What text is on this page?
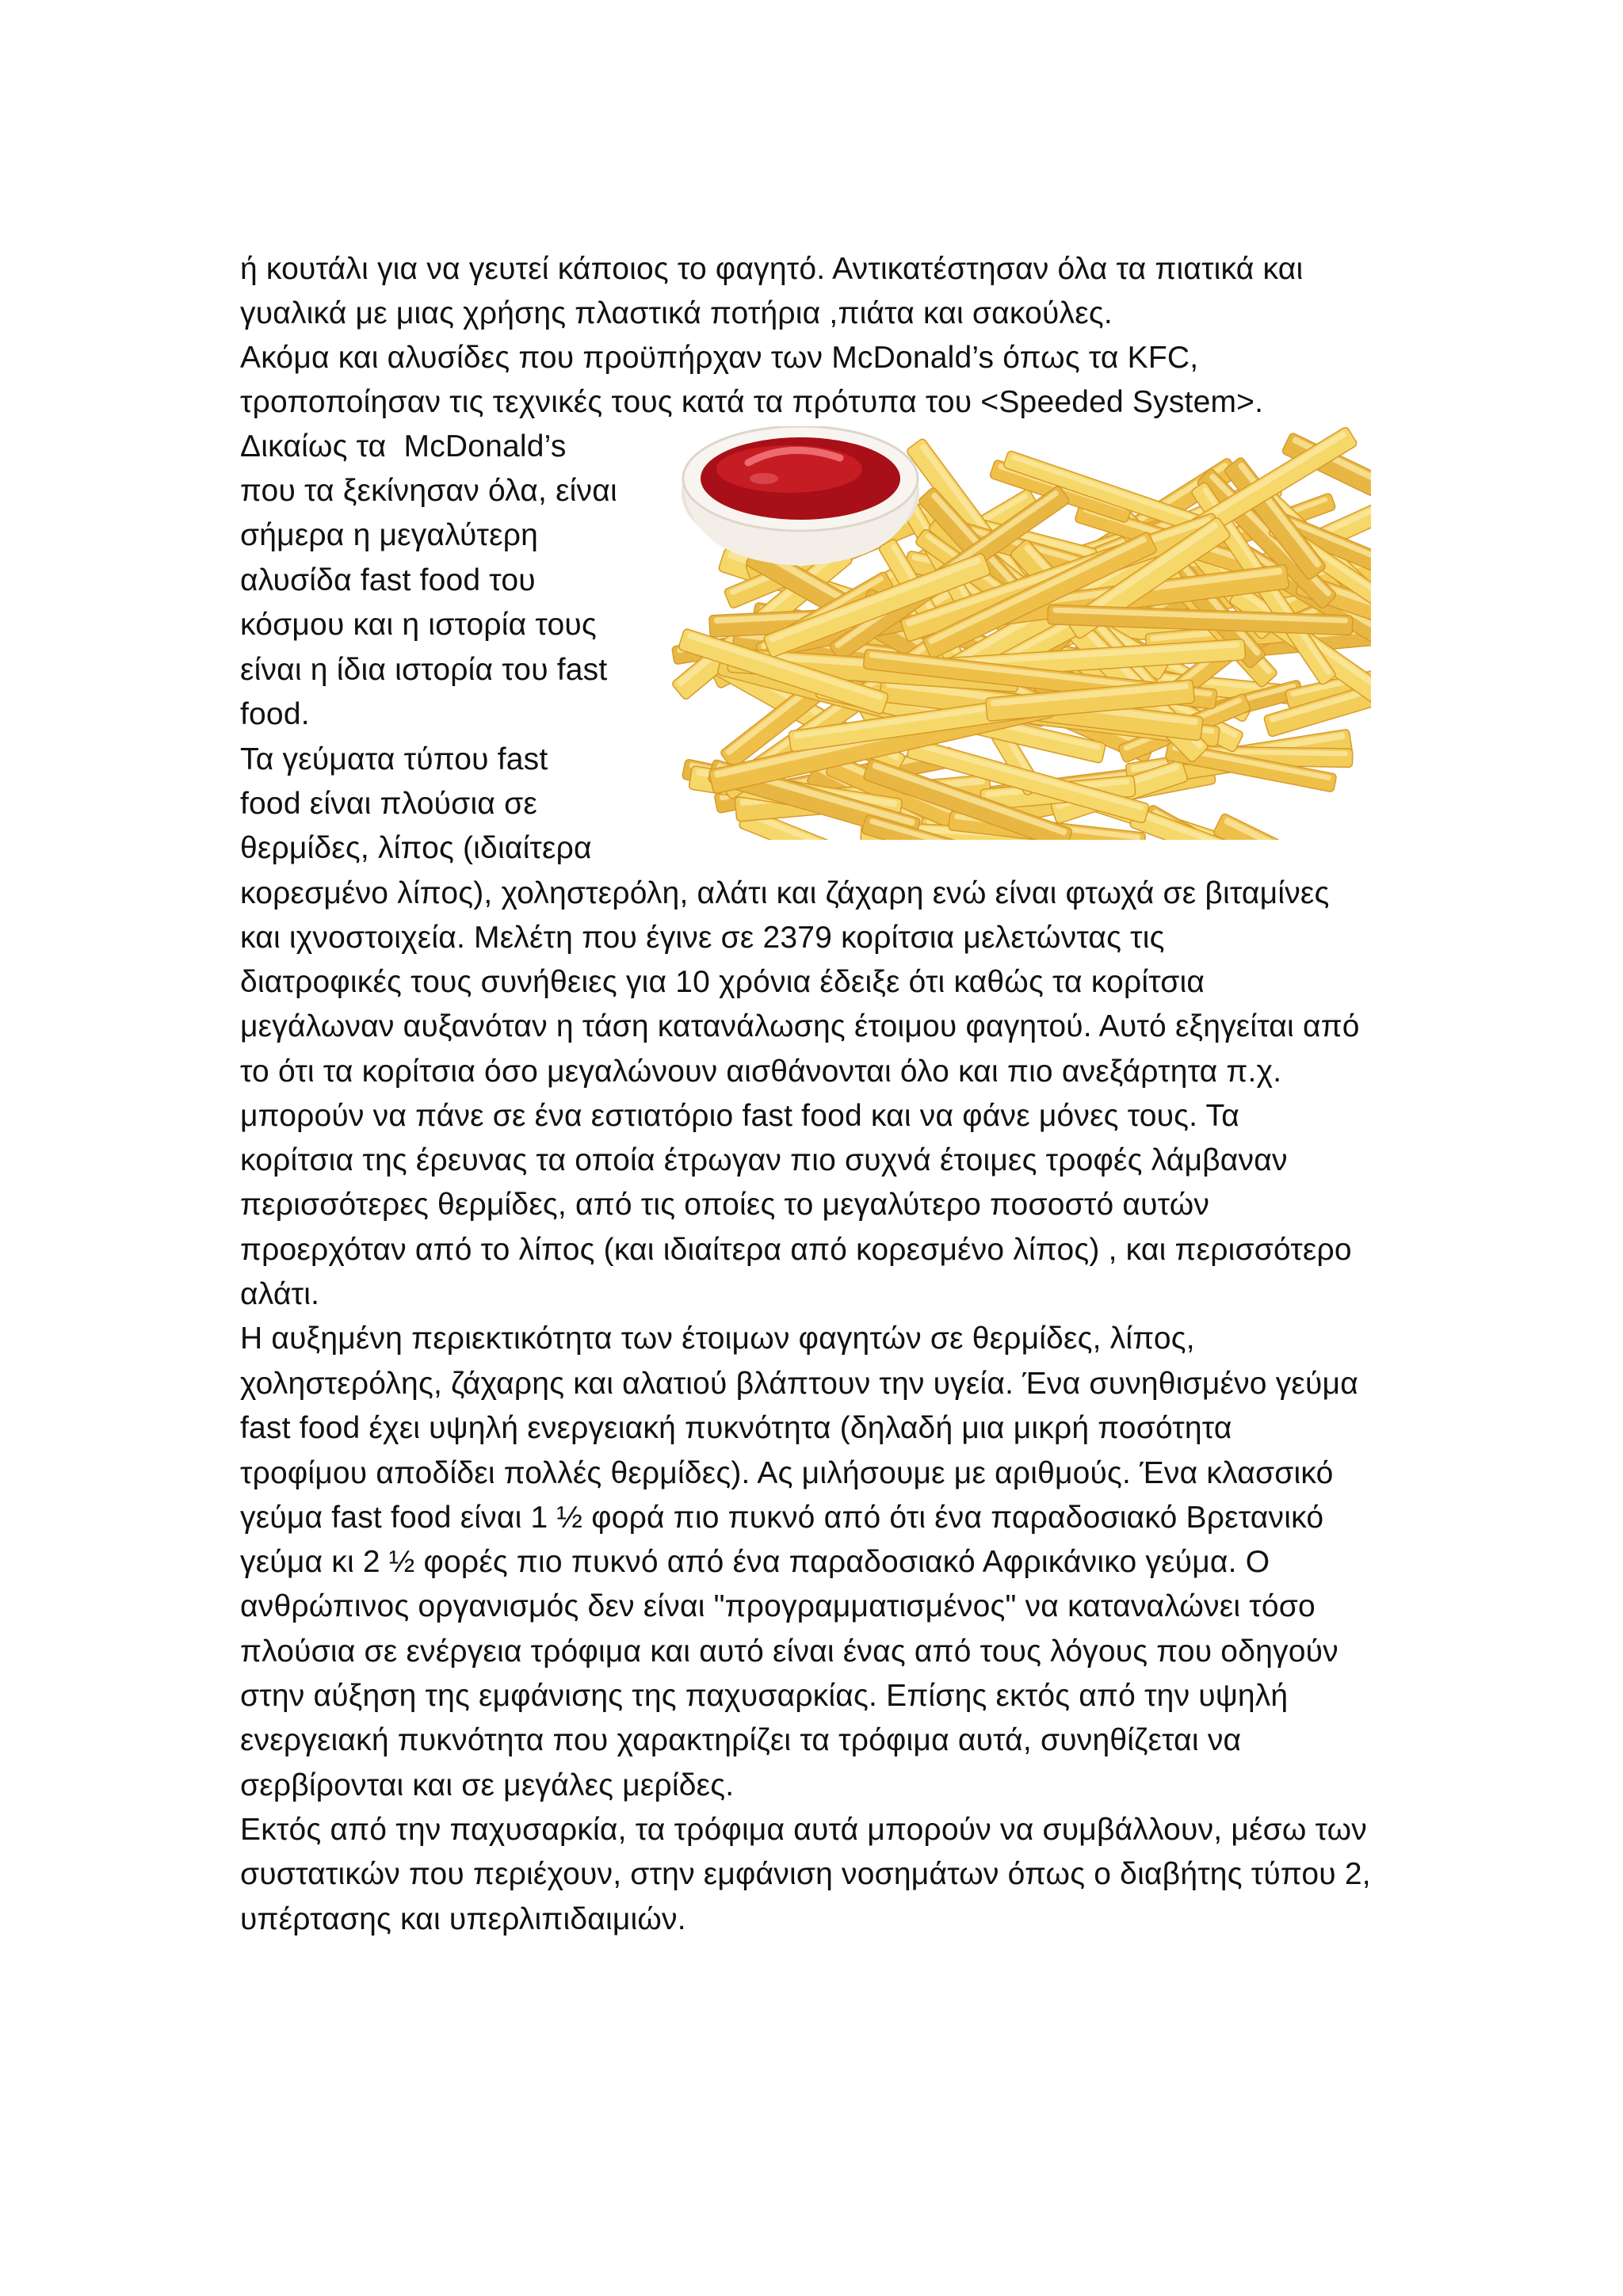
ή κουτάλι για να γευτεί κάποιος το φαγητό. Αντικατέστησαν όλα τα πιατικά και

γυαλικά με μιας χρήσης πλαστικά ποτήρια ,πιάτα και σακούλες.

Ακόμα και αλυσίδες που προϋπήρχαν των McDonald’s όπως τα KFC,

τροποποίησαν τις τεχνικές τους κατά τα πρότυπα του <Speeded System>.

Δικαίως τα  McDonald’s

που τα ξεκίνησαν όλα, είναι

σήμερα η μεγαλύτερη

αλυσίδα fast food του

κόσμου και η ιστορία τους

είναι η ίδια ιστορία του fast

food.

Τα γεύματα τύπου fast

food είναι πλούσια σε

θερμίδες, λίπος (ιδιαίτερα

κορεσμένο λίπος), χοληστερόλη, αλάτι και ζάχαρη ενώ είναι φτωχά σε βιταμίνες

και ιχνοστοιχεία. Μελέτη που έγινε σε 2379 κορίτσια μελετώντας τις

διατροφικές τους συνήθειες για 10 χρόνια έδειξε ότι καθώς τα κορίτσια

μεγάλωναν αυξανόταν η τάση κατανάλωσης έτοιμου φαγητού. Αυτό εξηγείται από

το ότι τα κορίτσια όσο μεγαλώνουν αισθάνονται όλο και πιο ανεξάρτητα π.χ.

μπορούν να πάνε σε ένα εστιατόριο fast food και να φάνε μόνες τους. Τα

κορίτσια της έρευνας τα οποία έτρωγαν πιο συχνά έτοιμες τροφές λάμβαναν

περισσότερες θερμίδες, από τις οποίες το μεγαλύτερο ποσοστό αυτών

προερχόταν από το λίπος (και ιδιαίτερα από κορεσμένο λίπος) , και περισσότερο

αλάτι.

Η αυξημένη περιεκτικότητα των έτοιμων φαγητών σε θερμίδες, λίπος,

χοληστερόλης, ζάχαρης και αλατιού βλάπτουν την υγεία. Ένα συνηθισμένο γεύμα

fast food έχει υψηλή ενεργειακή πυκνότητα (δηλαδή μια μικρή ποσότητα

τροφίμου αποδίδει πολλές θερμίδες). Ας μιλήσουμε με αριθμούς. Ένα κλασσικό

γεύμα fast food είναι 1 ½ φορά πιο πυκνό από ότι ένα παραδοσιακό Βρετανικό

γεύμα κι 2 ½ φορές πιο πυκνό από ένα παραδοσιακό Αφρικάνικο γεύμα. Ο

ανθρώπινος οργανισμός δεν είναι "προγραμματισμένος" να καταναλώνει τόσο

πλούσια σε ενέργεια τρόφιμα και αυτό είναι ένας από τους λόγους που οδηγούν

στην αύξηση της εμφάνισης της παχυσαρκίας. Επίσης εκτός από την υψηλή

ενεργειακή πυκνότητα που χαρακτηρίζει τα τρόφιμα αυτά, συνηθίζεται να

σερβίρονται και σε μεγάλες μερίδες.

Εκτός από την παχυσαρκία, τα τρόφιμα αυτά μπορούν να συμβάλλουν, μέσω των

συστατικών που περιέχουν, στην εμφάνιση νοσημάτων όπως ο διαβήτης τύπου 2,

υπέρτασης και υπερλιπιδαιμιών.
